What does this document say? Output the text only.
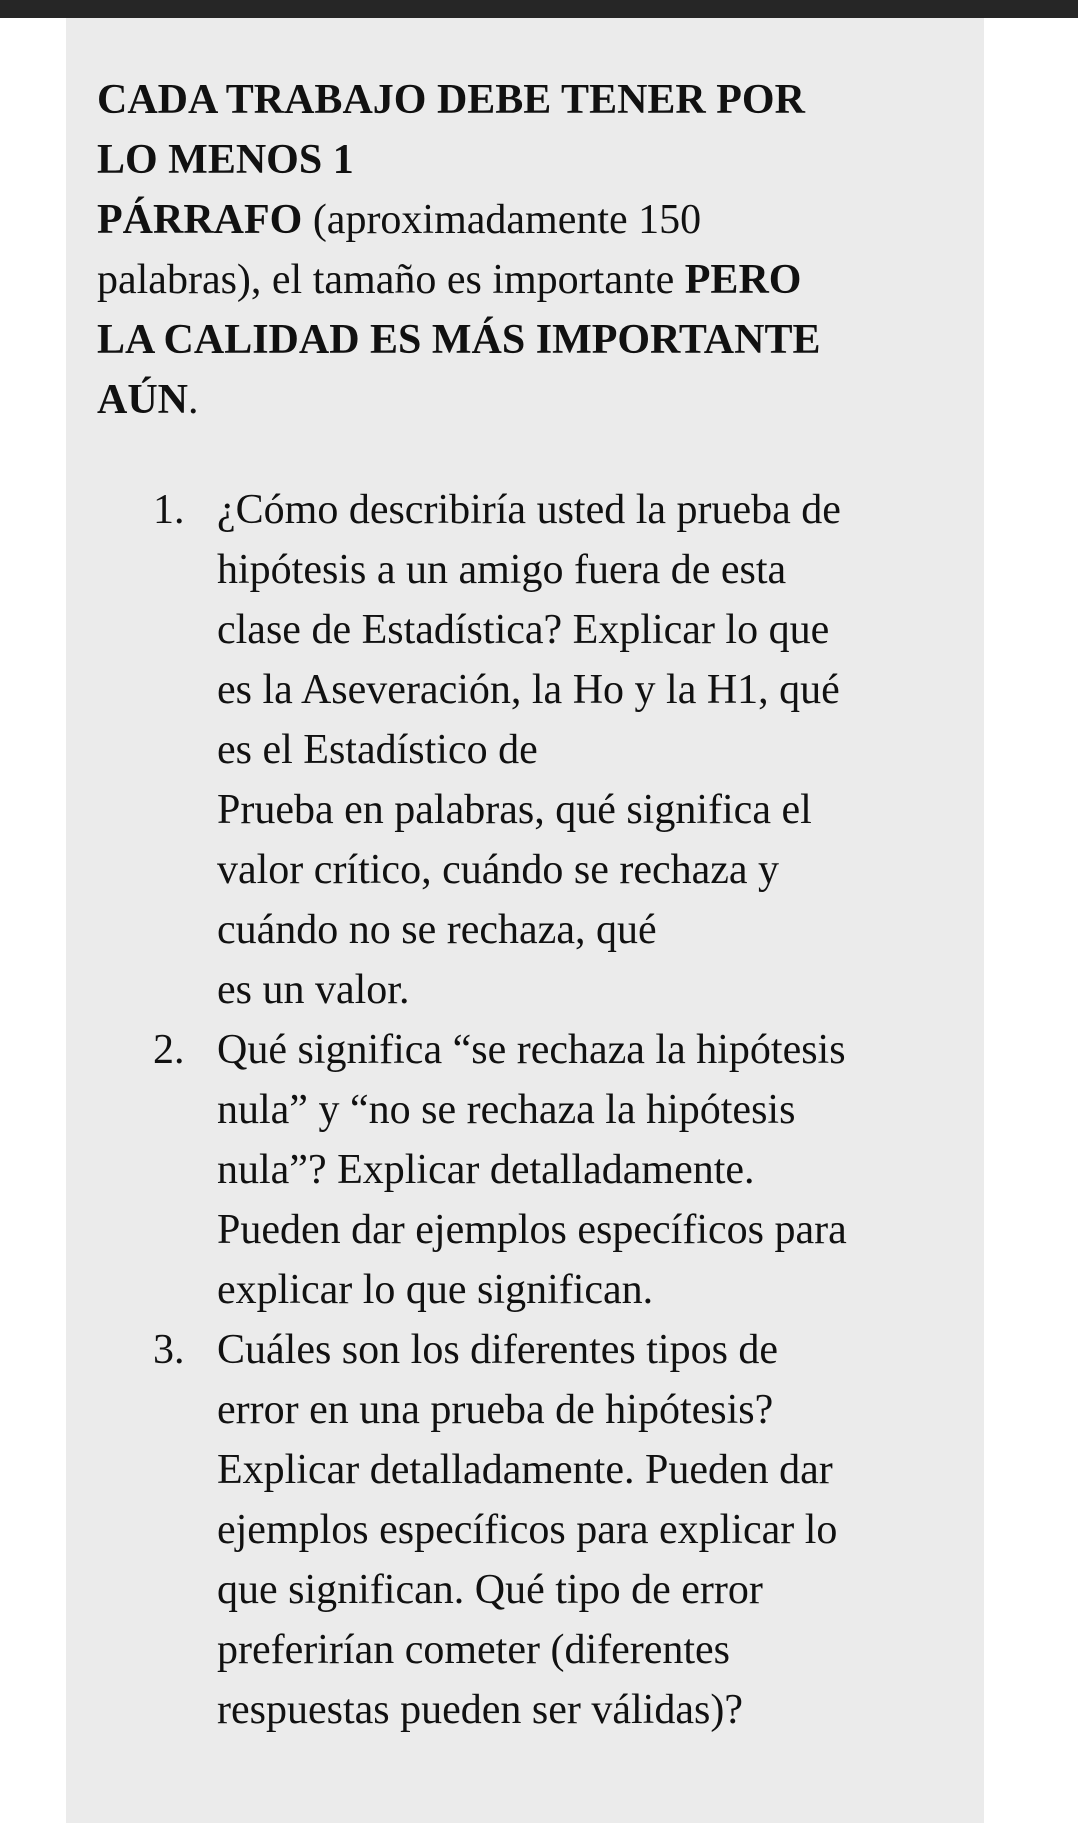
CADA TRABAJO DEBE TENER POR
LO MENOS 1
PÁRRAFO (aproximadamente 150
palabras), el tamaño es importante PERO
LA CALIDAD ES MÁS IMPORTANTE
AÚN.

1. ¿Cómo describiría usted la prueba de
hipótesis a un amigo fuera de esta
clase de Estadística? Explicar lo que
es la Aseveración, la Ho y la H1, qué
es el Estadístico de
Prueba en palabras, qué significa el
valor crítico, cuándo se rechaza y
cuándo no se rechaza, qué
es un valor.
2. Qué significa “se rechaza la hipótesis
nula” y “no se rechaza la hipótesis
nula”? Explicar detalladamente.
Pueden dar ejemplos específicos para
explicar lo que significan.
3. Cuáles son los diferentes tipos de
error en una prueba de hipótesis?
Explicar detalladamente. Pueden dar
ejemplos específicos para explicar lo
que significan. Qué tipo de error
preferirían cometer (diferentes
respuestas pueden ser válidas)?
